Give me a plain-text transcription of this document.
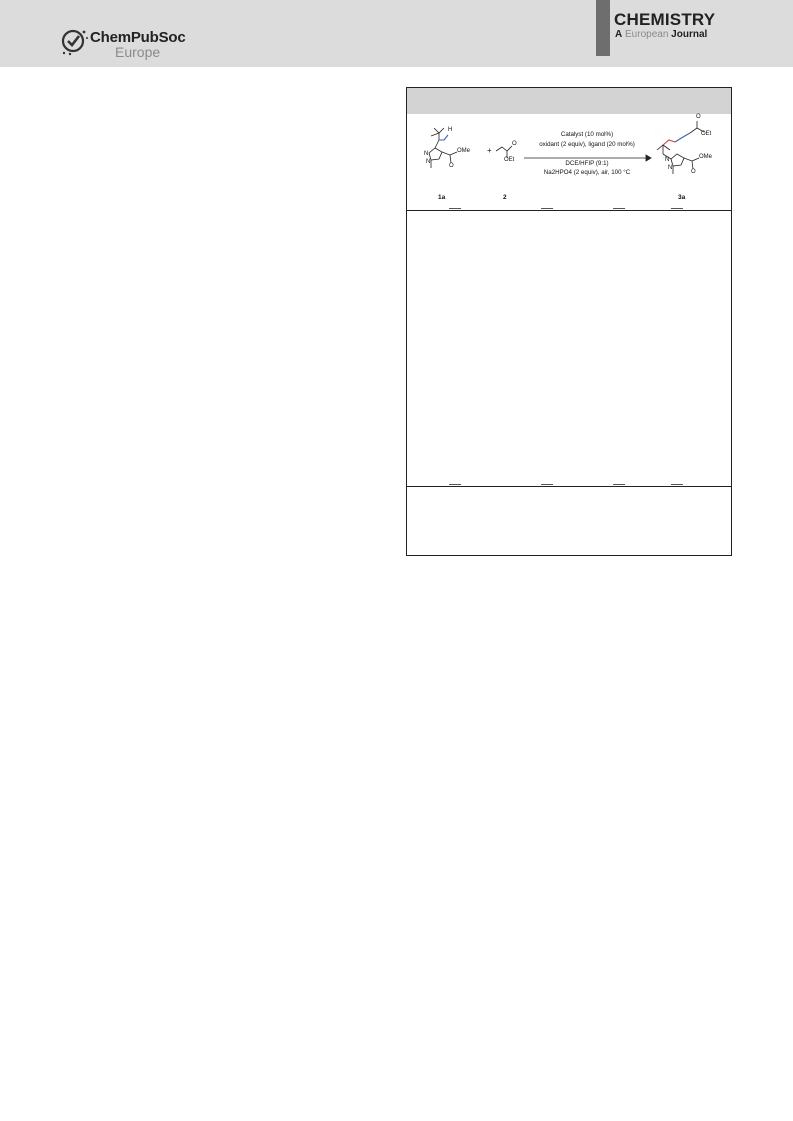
ChemPubSoc
Europe
CHEMISTRY
A European Journal
H
N
N
OMe
O
+
O
OEt
O
OEt
N
N
OMe
O
Catalyst (10 mol%)
oxidant (2 equiv), ligand (20 mol%)
DCE/HFIP (9:1)
Na2HPO4 (2 equiv), air, 100 °C
1a	2	3a
